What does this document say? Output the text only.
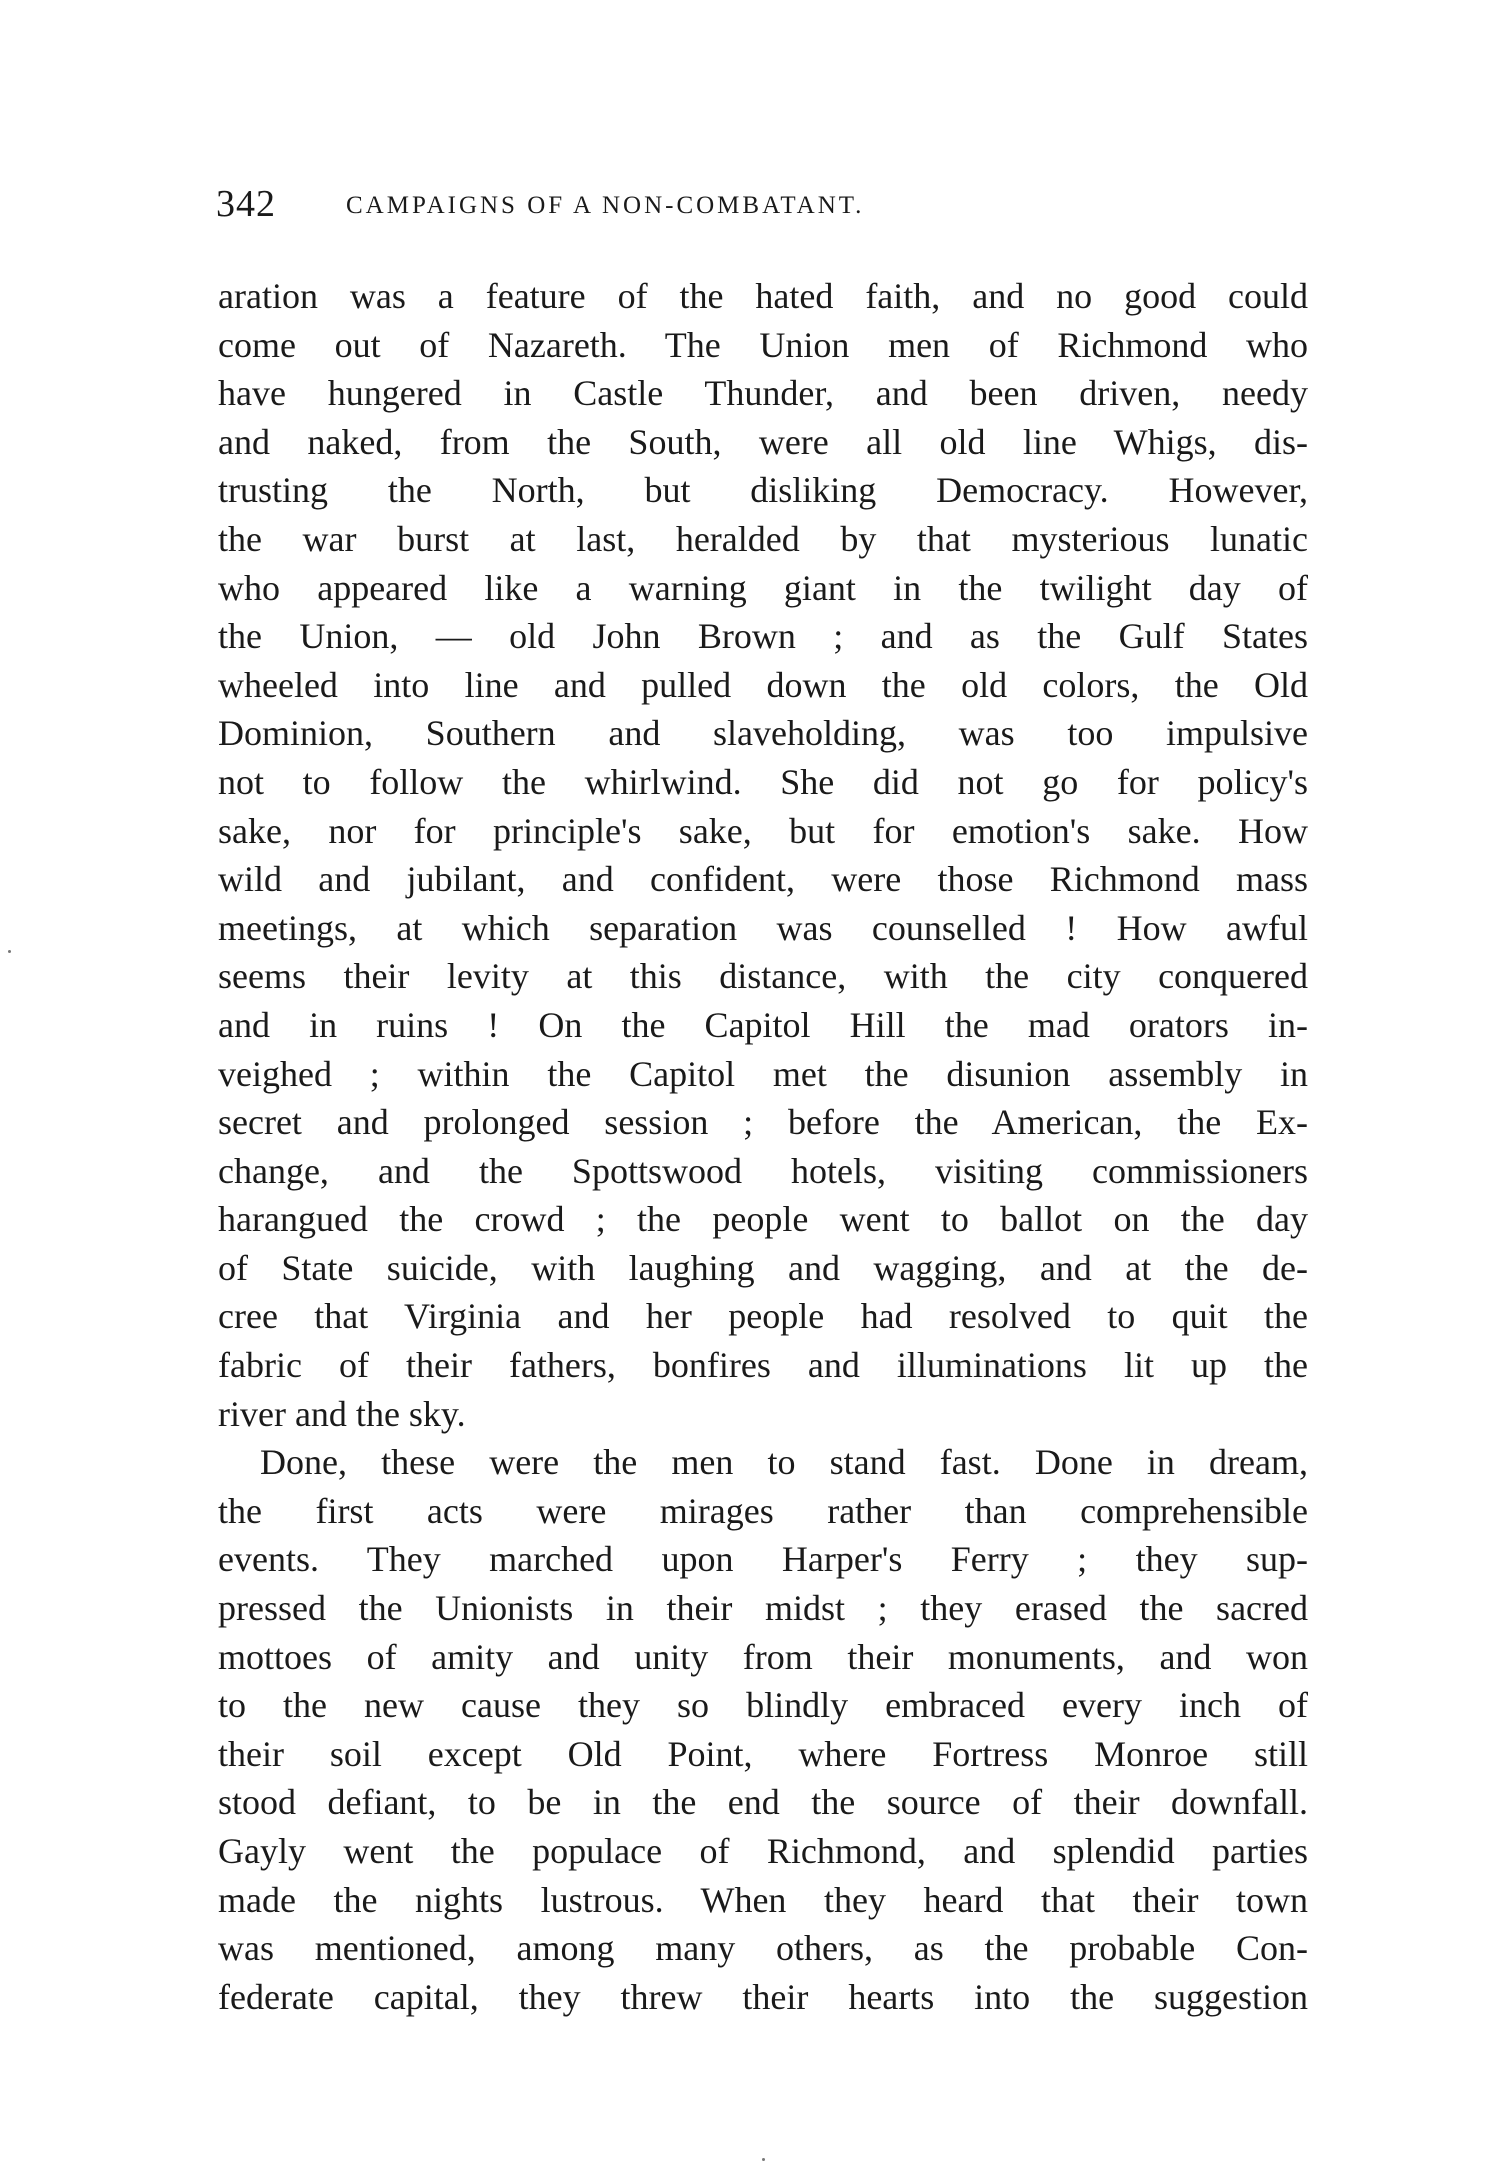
342	CAMPAIGNS OF A NON-COMBATANT.
aration was a feature of the hated faith, and no good could
come out of Nazareth. The Union men of Richmond who
have hungered in Castle Thunder, and been driven, needy
and naked, from the South, were all old line Whigs, dis-
trusting the North, but disliking Democracy. However,
the war burst at last, heralded by that mysterious lunatic
who appeared like a warning giant in the twilight day of
the Union, — old John Brown ; and as the Gulf States
wheeled into line and pulled down the old colors, the Old
Dominion, Southern and slaveholding, was too impulsive
not to follow the whirlwind. She did not go for policy's
sake, nor for principle's sake, but for emotion's sake. How
wild and jubilant, and confident, were those Richmond mass
meetings, at which separation was counselled ! How awful
seems their levity at this distance, with the city conquered
and in ruins ! On the Capitol Hill the mad orators in-
veighed ; within the Capitol met the disunion assembly in
secret and prolonged session ; before the American, the Ex-
change, and the Spottswood hotels, visiting commissioners
harangued the crowd ; the people went to ballot on the day
of State suicide, with laughing and wagging, and at the de-
cree that Virginia and her people had resolved to quit the
fabric of their fathers, bonfires and illuminations lit up the
river and the sky.
Done, these were the men to stand fast. Done in dream,
the first acts were mirages rather than comprehensible
events. They marched upon Harper's Ferry ; they sup-
pressed the Unionists in their midst ; they erased the sacred
mottoes of amity and unity from their monuments, and won
to the new cause they so blindly embraced every inch of
their soil except Old Point, where Fortress Monroe still
stood defiant, to be in the end the source of their downfall.
Gayly went the populace of Richmond, and splendid parties
made the nights lustrous. When they heard that their town
was mentioned, among many others, as the probable Con-
federate capital, they threw their hearts into the suggestion
